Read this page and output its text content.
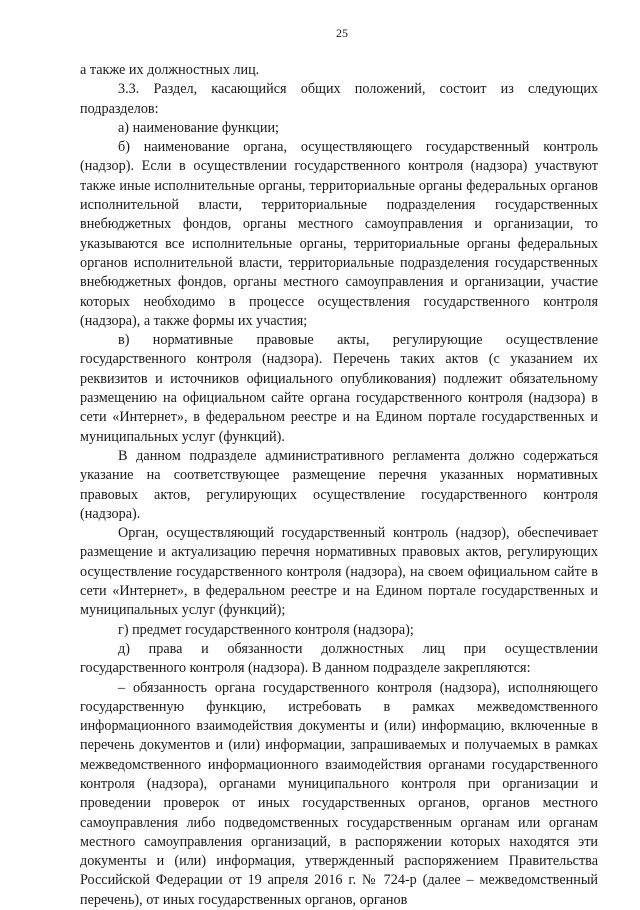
25

а также их должностных лиц.

3.3. Раздел, касающийся общих положений, состоит из следующих подразделов:

а) наименование функции;

б) наименование органа, осуществляющего государственный контроль (надзор). Если в осуществлении государственного контроля (надзора) участвуют также иные исполнительные органы, территориальные органы федеральных органов исполнительной власти, территориальные подразделения государственных внебюджетных фондов, органы местного самоуправления и организации, то указываются все исполнительные органы, территориальные органы федеральных органов исполнительной власти, территориальные подразделения государственных внебюджетных фондов, органы местного самоуправления и организации, участие которых необходимо в процессе осуществления государственного контроля (надзора), а также формы их участия;

в) нормативные правовые акты, регулирующие осуществление государственного контроля (надзора). Перечень таких актов (с указанием их реквизитов и источников официального опубликования) подлежит обязательному размещению на официальном сайте органа государственного контроля (надзора) в сети «Интернет», в федеральном реестре и на Едином портале государственных и муниципальных услуг (функций).

В данном подразделе административного регламента должно содержаться указание на соответствующее размещение перечня указанных нормативных правовых актов, регулирующих осуществление государственного контроля (надзора).

Орган, осуществляющий государственный контроль (надзор), обеспечивает размещение и актуализацию перечня нормативных правовых актов, регулирующих осуществление государственного контроля (надзора), на своем официальном сайте в сети «Интернет», в федеральном реестре и на Едином портале государственных и муниципальных услуг (функций);

г) предмет государственного контроля (надзора);

д) права и обязанности должностных лиц при осуществлении государственного контроля (надзора). В данном подразделе закрепляются:

– обязанность органа государственного контроля (надзора), исполняющего государственную функцию, истребовать в рамках межведомственного информационного взаимодействия документы и (или) информацию, включенные в перечень документов и (или) информации, запрашиваемых и получаемых в рамках межведомственного информационного взаимодействия органами государственного контроля (надзора), органами муниципального контроля при организации и проведении проверок от иных государственных органов, органов местного самоуправления либо подведомственных государственным органам или органам местного самоуправления организаций, в распоряжении которых находятся эти документы и (или) информация, утвержденный распоряжением Правительства Российской Федерации от 19 апреля 2016 г. № 724-р (далее – межведомственный перечень), от иных государственных органов, органов
